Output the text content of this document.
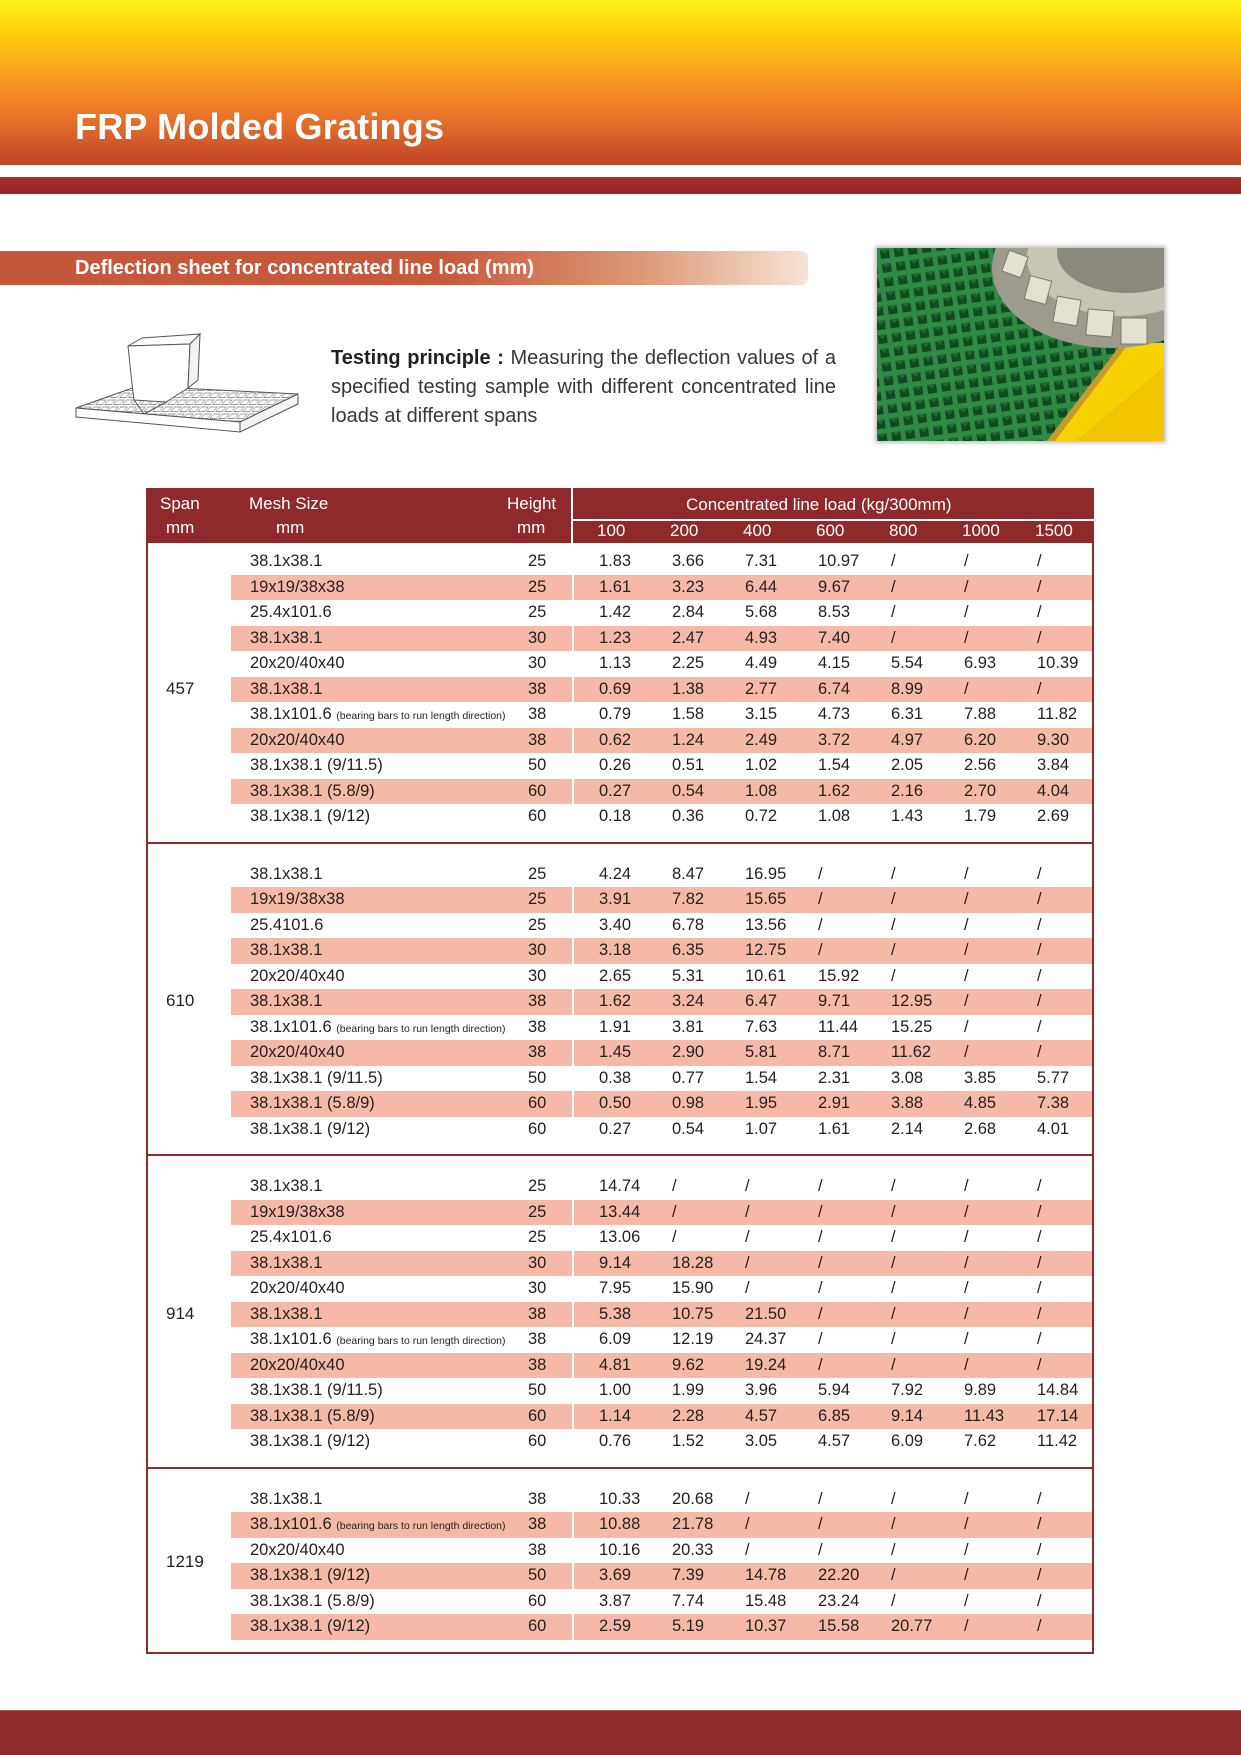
FRP Molded Gratings
Deflection sheet for concentrated line load (mm)
Testing principle : Measuring the deflection values of a specified testing sample with different concentrated line loads at different spans
Span
mm
Mesh Size
mm
Height
mm
Concentrated line load (kg/300mm)
100	200	400	600	800	1000 1500
457
38.1x38.1	25	1.83 3.66 7.31 10.97 /	/	/
19x19/38x38	25	1.61 3.23 6.44 9.67 /	/	/
25.4x101.6	25	1.42 2.84 5.68 8.53 /	/	/
38.1x38.1	30	1.23 2.47 4.93 7.40 /	/	/
20x20/40x40	30	1.13 2.25 4.49 4.15 5.54 6.93 10.39
38.1x38.1	38	0.69 1.38 2.77 6.74 8.99 /	/
38.1x101.6 (bearing bars to run length direction) 38	0.79 1.58 3.15 4.73 6.31 7.88 11.82
20x20/40x40	38	0.62 1.24 2.49 3.72 4.97 6.20 9.30
38.1x38.1 (9/11.5)	50	0.26 0.51 1.02 1.54 2.05 2.56 3.84
38.1x38.1 (5.8/9)	60	0.27 0.54 1.08 1.62 2.16 2.70 4.04
38.1x38.1 (9/12)	60	0.18 0.36 0.72 1.08 1.43 1.79 2.69
610
38.1x38.1	25	4.24 8.47 16.95 /	/	/	/
19x19/38x38	25	3.91 7.82 15.65 /	/	/	/
25.4101.6	25	3.40 6.78 13.56 /	/	/	/
38.1x38.1	30	3.18 6.35 12.75 /	/	/	/
20x20/40x40	30	2.65 5.31 10.61 15.92 /	/	/
38.1x38.1	38	1.62 3.24 6.47 9.71 12.95 /	/
38.1x101.6 (bearing bars to run length direction) 38	1.91 3.81 7.63 11.44 15.25 /	/
20x20/40x40	38	1.45 2.90 5.81 8.71 11.62 /	/
38.1x38.1 (9/11.5)	50	0.38 0.77 1.54 2.31 3.08 3.85 5.77
38.1x38.1 (5.8/9)	60	0.50 0.98 1.95 2.91 3.88 4.85 7.38
38.1x38.1 (9/12)	60	0.27 0.54 1.07 1.61 2.14 2.68 4.01
914
38.1x38.1	25	14.74 /	/	/	/	/	/
19x19/38x38	25	13.44 /	/	/	/	/	/
25.4x101.6	25	13.06 /	/	/	/	/	/
38.1x38.1	30	9.14 18.28 /	/	/	/	/
20x20/40x40	30	7.95 15.90 /	/	/	/	/
38.1x38.1	38	5.38 10.75 21.50 /	/	/	/
38.1x101.6 (bearing bars to run length direction) 38	6.09 12.19 24.37 /	/	/	/
20x20/40x40	38	4.81 9.62 19.24 /	/	/	/
38.1x38.1 (9/11.5)	50	1.00 1.99 3.96 5.94 7.92 9.89 14.84
38.1x38.1 (5.8/9)	60	1.14 2.28 4.57 6.85 9.14 11.43 17.14
38.1x38.1 (9/12)	60	0.76 1.52 3.05 4.57 6.09 7.62 11.42
1219
38.1x38.1	38	10.33 20.68 /	/	/	/	/
38.1x101.6 (bearing bars to run length direction) 38	10.88 21.78 /	/	/	/	/
20x20/40x40	38	10.16 20.33 /	/	/	/	/
38.1x38.1 (9/12)	50	3.69 7.39 14.78 22.20 /	/	/
38.1x38.1 (5.8/9)	60	3.87 7.74 15.48 23.24 /	/	/
38.1x38.1 (9/12)	60	2.59 5.19 10.37 15.58 20.77 /	/
